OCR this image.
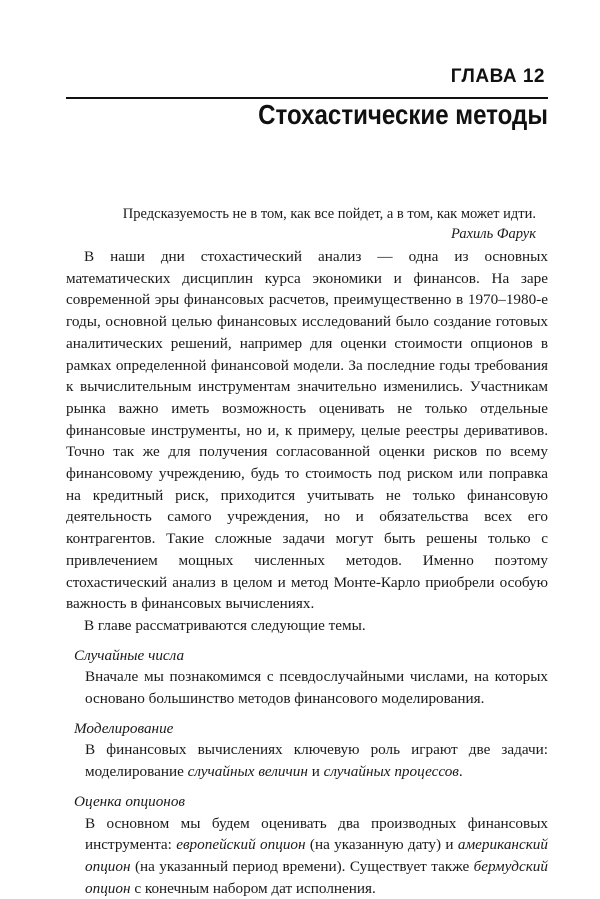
ГЛАВА 12
Стохастические методы
Предсказуемость не в том, как все пойдет, а в том, как может идти.
Рахиль Фарук

В наши дни стохастический анализ — одна из основных математических дисциплин курса экономики и финансов. На заре современной эры финансовых расчетов, преимущественно в 1970–1980-е годы, основной целью финансовых исследований было создание готовых аналитических решений, например для оценки стоимости опционов в рамках определенной финансовой модели. За последние годы требования к вычислительным инструментам значительно изменились. Участникам рынка важно иметь возможность оценивать не только отдельные финансовые инструменты, но и, к примеру, целые реестры деривативов. Точно так же для получения согласованной оценки рисков по всему финансовому учреждению, будь то стоимость под риском или поправка на кредитный риск, приходится учитывать не только финансовую деятельность самого учреждения, но и обязательства всех его контрагентов. Такие сложные задачи могут быть решены только с привлечением мощных численных методов. Именно поэтому стохастический анализ в целом и метод Монте-Карло приобрели особую важность в финансовых вычислениях.

В главе рассматриваются следующие темы.

Случайные числа
Вначале мы познакомимся с псевдослучайными числами, на которых основано большинство методов финансового моделирования.
Моделирование
В финансовых вычислениях ключевую роль играют две задачи: моделирование случайных величин и случайных процессов.
Оценка опционов
В основном мы будем оценивать два производных финансовых инструмента: европейский опцион (на указанную дату) и американский опцион (на указанный период времени). Существует также бермудский опцион с конечным набором дат исполнения.
